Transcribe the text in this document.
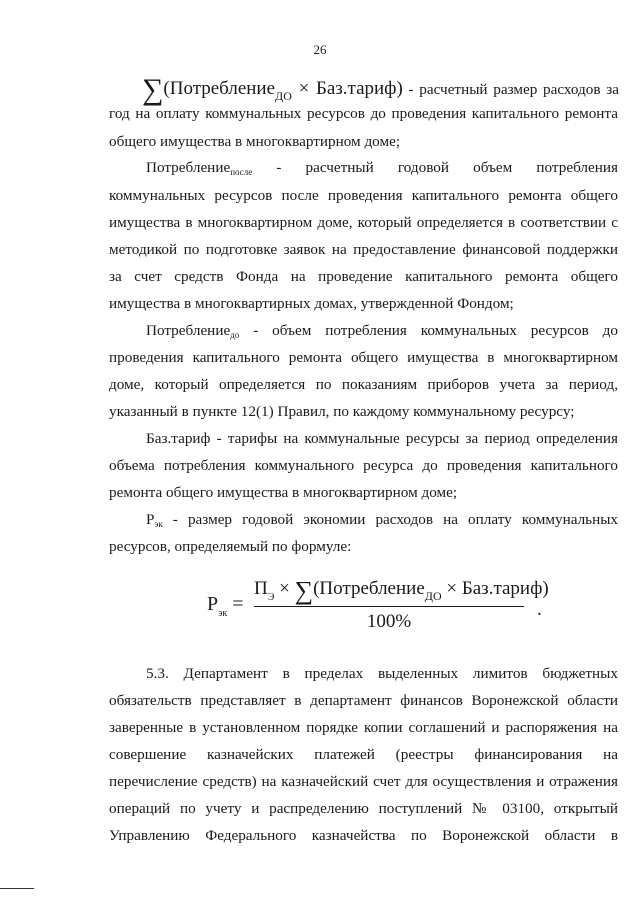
26
∑(Потребление$_{ДО}$ × Баз.тариф) - расчетный размер расходов за
год на оплату коммунальных ресурсов до проведения капитального ремонта
общего имущества в многоквартирном доме;
Потреблениепосле - расчетный годовой объем потребления
коммунальных ресурсов после проведения капитального ремонта общего
имущества в многоквартирном доме, который определяется в соответствии с
методикой по подготовке заявок на предоставление финансовой поддержки
за счет средств Фонда на проведение капитального ремонта общего
имущества в многоквартирных домах, утвержденной Фондом;
Потреблениедо - объем потребления коммунальных ресурсов до
проведения капитального ремонта общего имущества в многоквартирном
доме, который определяется по показаниям приборов учета за период,
указанный в пункте 12(1) Правил, по каждому коммунальному ресурсу;
Баз.тариф - тарифы на коммунальные ресурсы за период определения
объема потребления коммунального ресурса до проведения капитального
ремонта общего имущества в многоквартирном доме;
Рэк - размер годовой экономии расходов на оплату коммунальных
ресурсов, определяемый по формуле:
$Р_{эк}$ =
$П_Э$ × ∑(Потребление$_{ДО}$ × Баз.тариф)
100%
.
5.3. Департамент в пределах выделенных лимитов бюджетных
обязательств представляет в департамент финансов Воронежской области
заверенные в установленном порядке копии соглашений и распоряжения на
совершение казначейских платежей (реестры финансирования на
перечисление средств) на казначейский счет для осуществления и отражения
операций по учету и распределению поступлений № 03100, открытый
Управлению Федерального казначейства по Воронежской области в
